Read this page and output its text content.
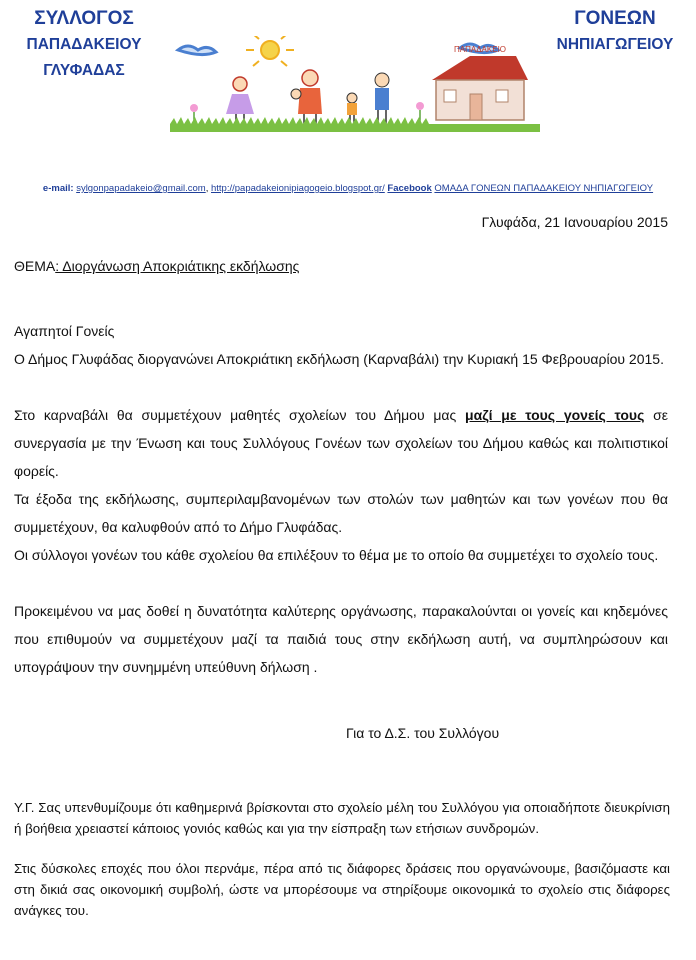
ΣΥΛΛΟΓΟΣ
ΠΑΠΑΔΑΚΕΙΟΥ
ΓΛΥΦΑΔΑΣ
ΓΟΝΕΩΝ
ΝΗΠΙΑΓΩΓΕΙΟΥ
ΠΑΠΑΔΑΚΕΙΟ
e-mail: sylgonpapadakeio@gmail.com, http://papadakeionipiagogeio.blogspot.gr/ Facebook ΟΜΑΔΑ ΓΟΝΕΩΝ ΠΑΠΑΔΑΚΕΙΟΥ ΝΗΠΙΑΓΩΓΕΙΟΥ
Γλυφάδα, 21 Ιανουαρίου 2015
ΘΕΜΑ: Διοργάνωση Αποκριάτικης εκδήλωσης
Αγαπητοί Γονείς
Ο Δήμος Γλυφάδας διοργανώνει Αποκριάτικη εκδήλωση (Καρναβάλι) την Κυριακή 15 Φεβρουαρίου 2015.
Στο καρναβάλι θα συμμετέχουν μαθητές σχολείων του Δήμου μας μαζί με τους γονείς τους σε συνεργασία με την Ένωση και τους Συλλόγους Γονέων των σχολείων του Δήμου καθώς και πολιτιστικοί φορείς.
Τα έξοδα της εκδήλωσης, συμπεριλαμβανομένων των στολών των μαθητών και των γονέων που θα συμμετέχουν, θα καλυφθούν από το Δήμο Γλυφάδας.
Οι σύλλογοι γονέων του κάθε σχολείου θα επιλέξουν το θέμα με το οποίο θα συμμετέχει το σχολείο τους.
Προκειμένου να μας δοθεί η δυνατότητα καλύτερης οργάνωσης, παρακαλούνται οι γονείς και κηδεμόνες που επιθυμούν να συμμετέχουν μαζί τα παιδιά τους στην εκδήλωση αυτή, να συμπληρώσουν και υπογράψουν την συνημμένη υπεύθυνη δήλωση .
Για το Δ.Σ. του Συλλόγου
Υ.Γ. Σας υπενθυμίζουμε ότι καθημερινά βρίσκονται στο σχολείο μέλη του Συλλόγου για οποιαδήποτε διευκρίνιση ή βοήθεια χρειαστεί κάποιος γονιός καθώς και για την είσπραξη των ετήσιων συνδρομών.
Στις δύσκολες εποχές που όλοι περνάμε, πέρα από τις διάφορες δράσεις που οργανώνουμε, βασιζόμαστε και στη δικιά σας οικονομική συμβολή, ώστε να μπορέσουμε να στηρίξουμε οικονομικά το σχολείο στις διάφορες ανάγκες του.
